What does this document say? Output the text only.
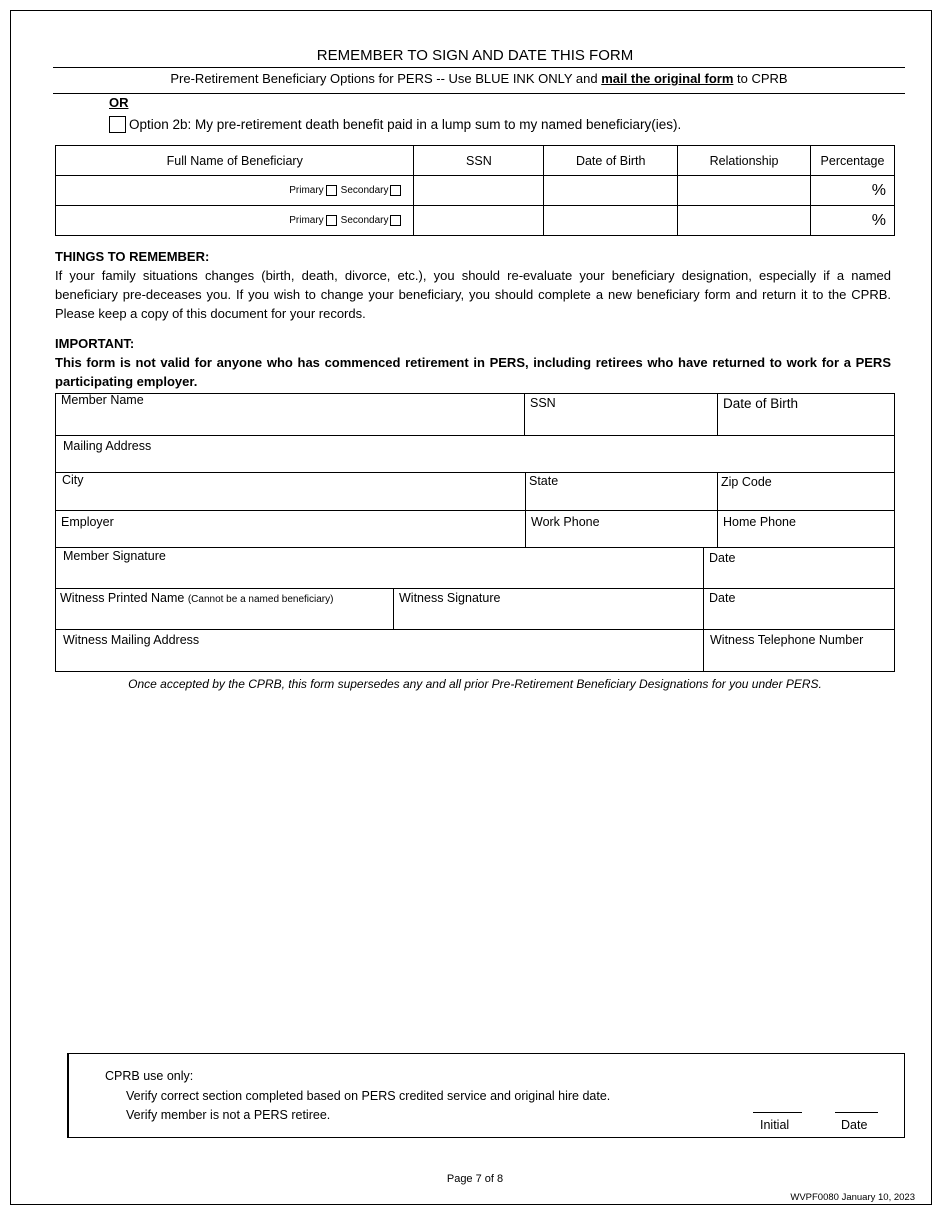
REMEMBER TO SIGN AND DATE THIS FORM
Pre-Retirement Beneficiary Options for PERS -- Use BLUE INK ONLY and mail the original form to CPRB
OR
Option 2b: My pre-retirement death benefit paid in a lump sum to my named beneficiary(ies).
Full Name of Beneficiary	SSN	Date of Birth	Relationship	Percentage
Primary Secondary				%
Primary Secondary				%
THINGS TO REMEMBER:
If your family situations changes (birth, death, divorce, etc.), you should re-evaluate your beneficiary designation, especially if a named beneficiary pre-deceases you. If you wish to change your beneficiary, you should complete a new beneficiary form and return it to the CPRB. Please keep a copy of this document for your records.
IMPORTANT:
This form is not valid for anyone who has commenced retirement in PERS, including retirees who have returned to work for a PERS participating employer.
Member Name	SSN	Date of Birth
Mailing Address
City	State	Zip Code
Employer	Work Phone	Home Phone
Member Signature	Date
Witness Printed Name (Cannot be a named beneficiary)	Witness Signature	Date
Witness Mailing Address	Witness Telephone Number
Once accepted by the CPRB, this form supersedes any and all prior Pre-Retirement Beneficiary Designations for you under PERS.
CPRB use only:
Verify correct section completed based on PERS credited service and original hire date.
Verify member is not a PERS retiree.
Initial	Date
Page 7 of 8
WVPF0080 January 10, 2023
